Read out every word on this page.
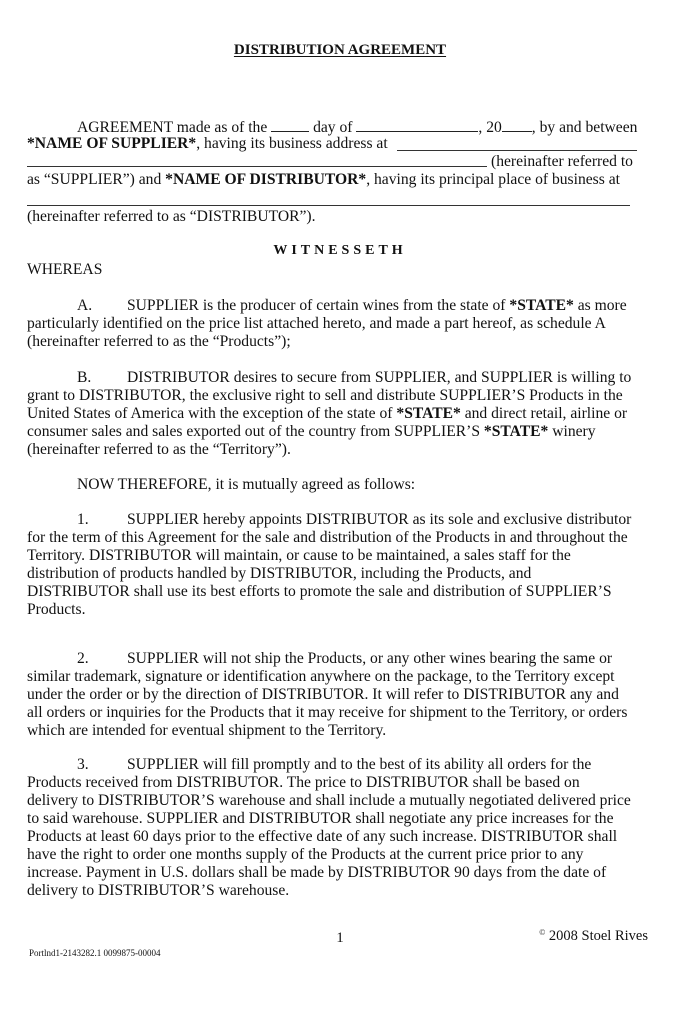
DISTRIBUTION AGREEMENT
AGREEMENT made as of the	day of	, 20 , by and between
*NAME OF SUPPLIER*, having its business address at
(hereinafter referred to
as “SUPPLIER”) and *NAME OF DISTRIBUTOR*, having its principal place of business at
(hereinafter referred to as “DISTRIBUTOR”).
WITNESSETH
WHEREAS
A. SUPPLIER is the producer of certain wines from the state of *STATE* as more
particularly identified on the price list attached hereto, and made a part hereof, as schedule A
(hereinafter referred to as the “Products”);
B. DISTRIBUTOR desires to secure from SUPPLIER, and SUPPLIER is willing to
grant to DISTRIBUTOR, the exclusive right to sell and distribute SUPPLIER’S Products in the
United States of America with the exception of the state of *STATE* and direct retail, airline or
consumer sales and sales exported out of the country from SUPPLIER’S *STATE* winery
(hereinafter referred to as the “Territory”).
NOW THEREFORE, it is mutually agreed as follows:
1. SUPPLIER hereby appoints DISTRIBUTOR as its sole and exclusive distributor
for the term of this Agreement for the sale and distribution of the Products in and throughout the
Territory. DISTRIBUTOR will maintain, or cause to be maintained, a sales staff for the
distribution of products handled by DISTRIBUTOR, including the Products, and
DISTRIBUTOR shall use its best efforts to promote the sale and distribution of SUPPLIER’S
Products.
2. SUPPLIER will not ship the Products, or any other wines bearing the same or
similar trademark, signature or identification anywhere on the package, to the Territory except
under the order or by the direction of DISTRIBUTOR. It will refer to DISTRIBUTOR any and
all orders or inquiries for the Products that it may receive for shipment to the Territory, or orders
which are intended for eventual shipment to the Territory.
3. SUPPLIER will fill promptly and to the best of its ability all orders for the
Products received from DISTRIBUTOR. The price to DISTRIBUTOR shall be based on
delivery to DISTRIBUTOR’S warehouse and shall include a mutually negotiated delivered price
to said warehouse. SUPPLIER and DISTRIBUTOR shall negotiate any price increases for the
Products at least 60 days prior to the effective date of any such increase. DISTRIBUTOR shall
have the right to order one months supply of the Products at the current price prior to any
increase. Payment in U.S. dollars shall be made by DISTRIBUTOR 90 days from the date of
delivery to DISTRIBUTOR’S warehouse.
1	© 2008 Stoel Rives
Portlnd1-2143282.1 0099875-00004
